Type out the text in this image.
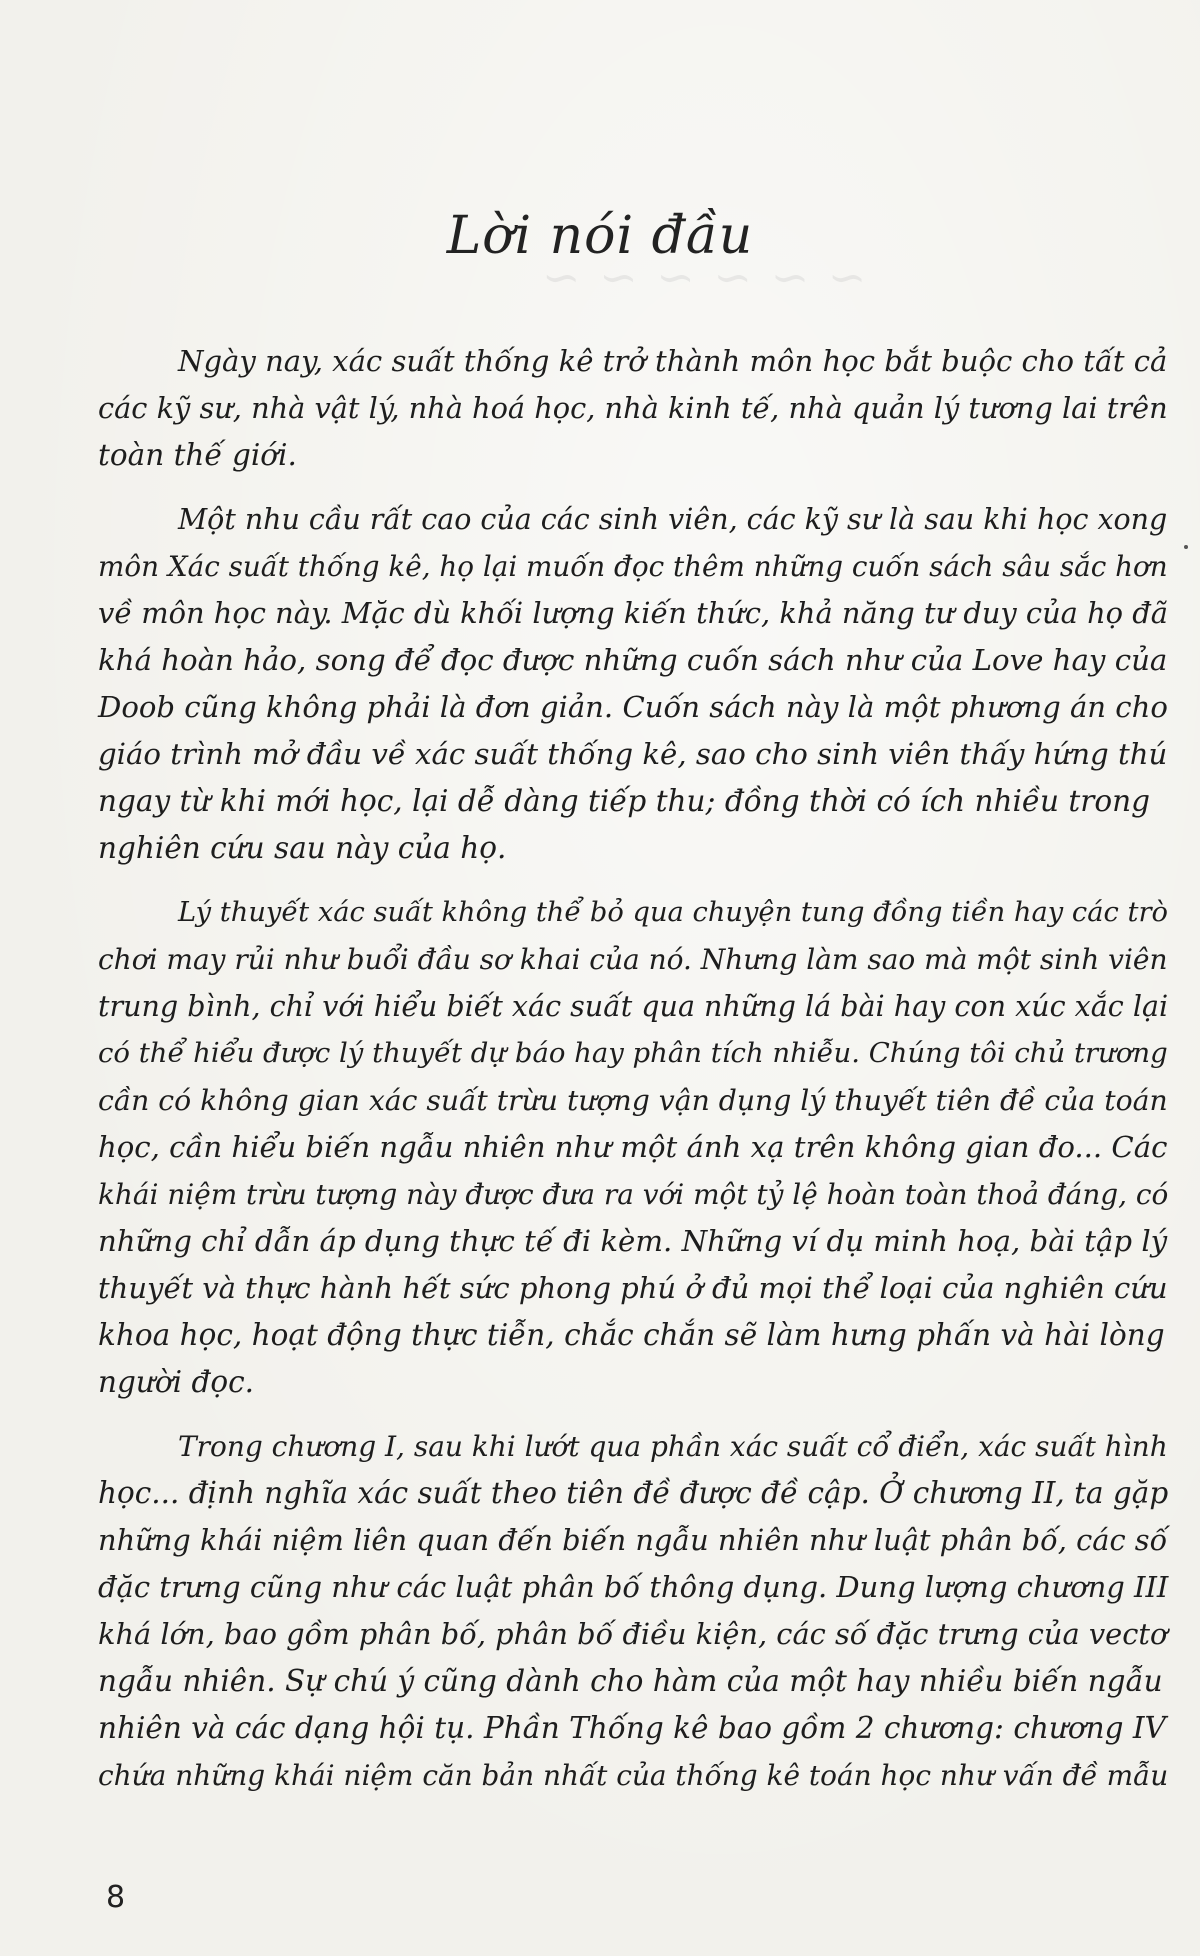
∼ ∼ ∼ ∼ ∼ ∼
Lời nói đầu
Ngày nay, xác suất thống kê trở thành môn học bắt buộc cho tất cả
các kỹ sư, nhà vật lý, nhà hoá học, nhà kinh tế, nhà quản lý tương lai trên
toàn thế giới.
Một nhu cầu rất cao của các sinh viên, các kỹ sư là sau khi học xong
môn Xác suất thống kê, họ lại muốn đọc thêm những cuốn sách sâu sắc hơn
về môn học này. Mặc dù khối lượng kiến thức, khả năng tư duy của họ đã
khá hoàn hảo, song để đọc được những cuốn sách như của Love hay của
Doob cũng không phải là đơn giản. Cuốn sách này là một phương án cho
giáo trình mở đầu về xác suất thống kê, sao cho sinh viên thấy hứng thú
ngay từ khi mới học, lại dễ dàng tiếp thu; đồng thời có ích nhiều trong
nghiên cứu sau này của họ.
Lý thuyết xác suất không thể bỏ qua chuyện tung đồng tiền hay các trò
chơi may rủi như buổi đầu sơ khai của nó. Nhưng làm sao mà một sinh viên
trung bình, chỉ với hiểu biết xác suất qua những lá bài hay con xúc xắc lại
có thể hiểu được lý thuyết dự báo hay phân tích nhiễu. Chúng tôi chủ trương
cần có không gian xác suất trừu tượng vận dụng lý thuyết tiên đề của toán
học, cần hiểu biến ngẫu nhiên như một ánh xạ trên không gian đo... Các
khái niệm trừu tượng này được đưa ra với một tỷ lệ hoàn toàn thoả đáng, có
những chỉ dẫn áp dụng thực tế đi kèm. Những ví dụ minh hoạ, bài tập lý
thuyết và thực hành hết sức phong phú ở đủ mọi thể loại của nghiên cứu
khoa học, hoạt động thực tiễn, chắc chắn sẽ làm hưng phấn và hài lòng
người đọc.
Trong chương I, sau khi lướt qua phần xác suất cổ điển, xác suất hình
học... định nghĩa xác suất theo tiên đề được đề cập. Ở chương II, ta gặp
những khái niệm liên quan đến biến ngẫu nhiên như luật phân bố, các số
đặc trưng cũng như các luật phân bố thông dụng. Dung lượng chương III
khá lớn, bao gồm phân bố, phân bố điều kiện, các số đặc trưng của vectơ
ngẫu nhiên. Sự chú ý cũng dành cho hàm của một hay nhiều biến ngẫu
nhiên và các dạng hội tụ. Phần Thống kê bao gồm 2 chương: chương IV
chứa những khái niệm căn bản nhất của thống kê toán học như vấn đề mẫu
8
